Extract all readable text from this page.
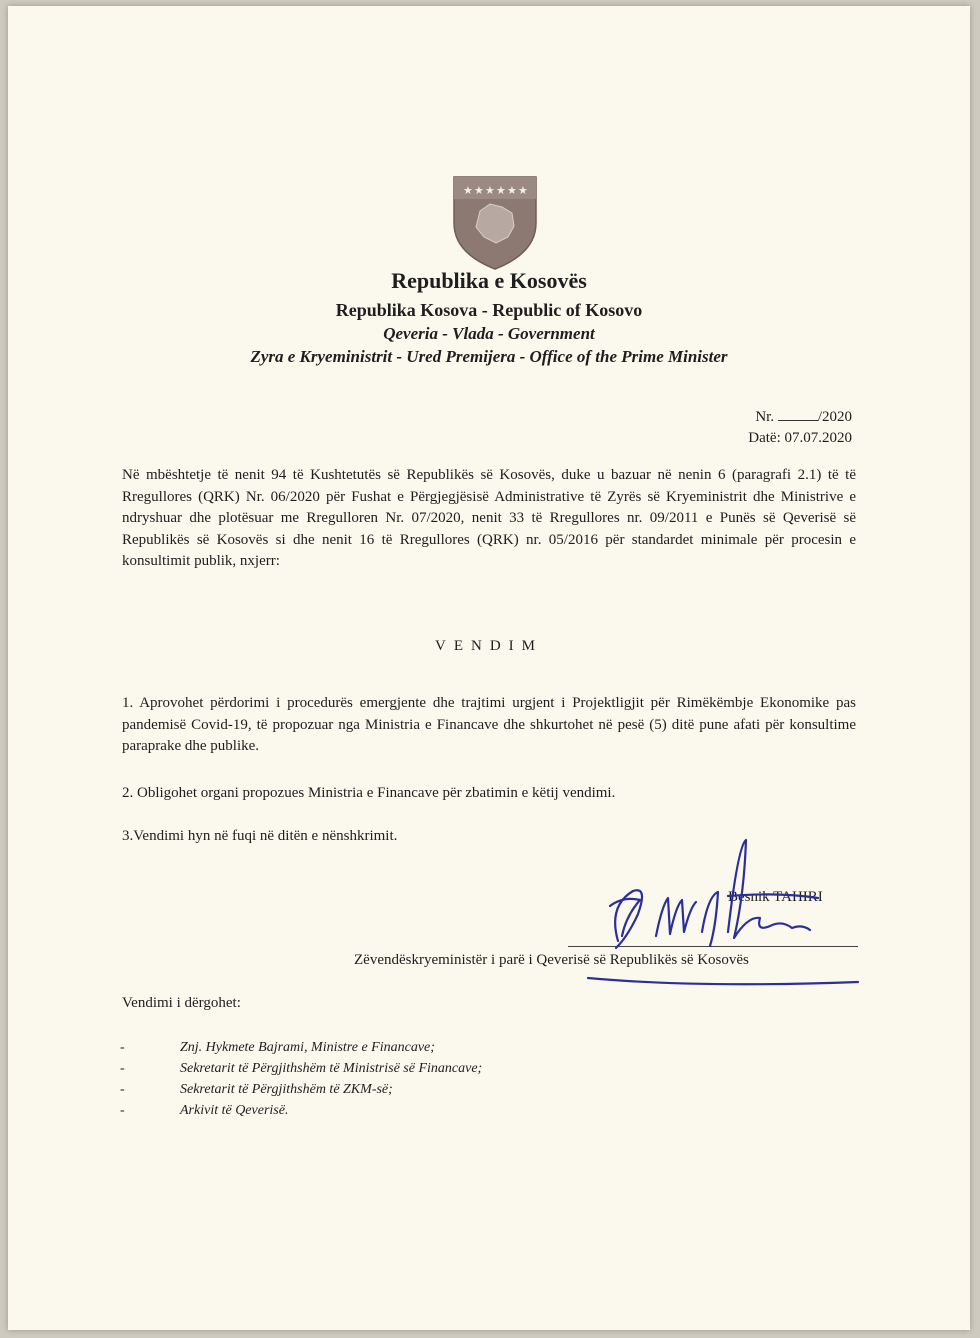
★ ★ ★ ★ ★ ★
Republika e Kosovës
Republika Kosova - Republic of Kosovo
Qeveria - Vlada - Government
Zyra e Kryeministrit - Ured Premijera - Office of the Prime Minister
Nr.	/2020
Datë: 07.07.2020
Në mbështetje të nenit 94 të Kushtetutës së Republikës së Kosovës, duke u bazuar në nenin 6 (paragrafi 2.1) të të Rregullores (QRK) Nr. 06/2020 për Fushat e Përgjegjësisë Administrative të Zyrës së Kryeministrit dhe Ministrive e ndryshuar dhe plotësuar me Rregulloren Nr. 07/2020, nenit 33 të Rregullores nr. 09/2011 e Punës së Qeverisë së Republikës së Kosovës si dhe nenit 16 të Rregullores (QRK) nr. 05/2016 për standardet minimale për procesin e konsultimit publik, nxjerr:
VENDIM
1. Aprovohet përdorimi i procedurës emergjente dhe trajtimi urgjent i Projektligjit për Rimëkëmbje Ekonomike pas pandemisë Covid-19, të propozuar nga Ministria e Financave dhe shkurtohet në pesë (5) ditë pune afati për konsultime paraprake dhe publike.
2. Obligohet organi propozues Ministria e Financave për zbatimin e këtij vendimi.
3.Vendimi hyn në fuqi në ditën e nënshkrimit.
Besnik TAHIRI
Zëvendëskryeministër i parë i Qeverisë së Republikës së Kosovës
Vendimi i dërgohet:
-	Znj. Hykmete Bajrami, Ministre e Financave;
-	Sekretarit të Përgjithshëm të Ministrisë së Financave;
-	Sekretarit të Përgjithshëm të ZKM-së;
-	Arkivit të Qeverisë.
